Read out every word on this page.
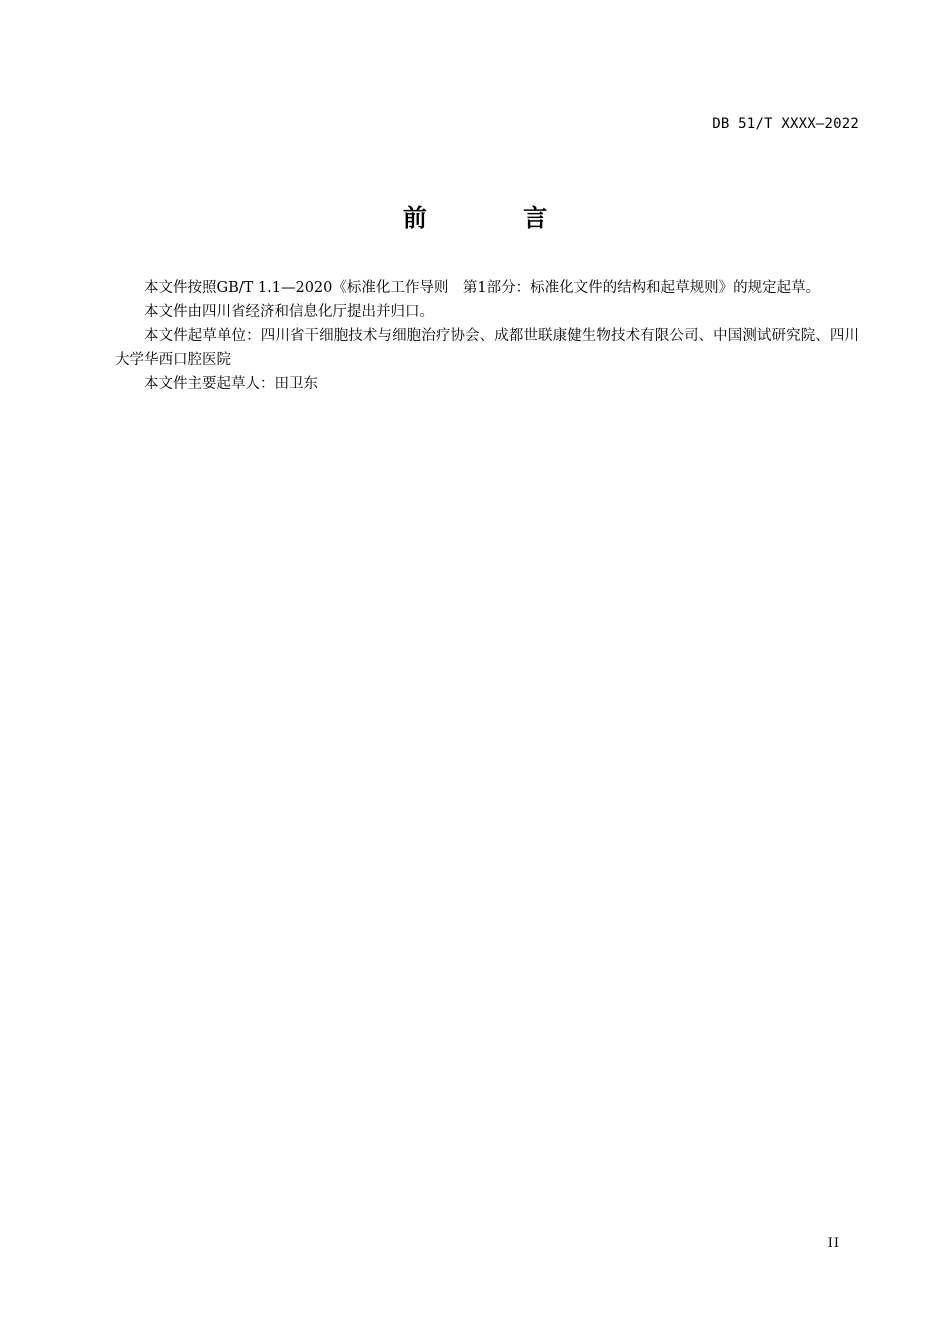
DB 51/T XXXX—2022
前 言

本文件按照GB/T 1.1—2020《标准化工作导则　第1部分：标准化文件的结构和起草规则》的规定起草。

本文件由四川省经济和信息化厅提出并归口。

本文件起草单位：四川省干细胞技术与细胞治疗协会、成都世联康健生物技术有限公司、中国测试研究院、四川大学华西口腔医院

本文件主要起草人：田卫东

II
